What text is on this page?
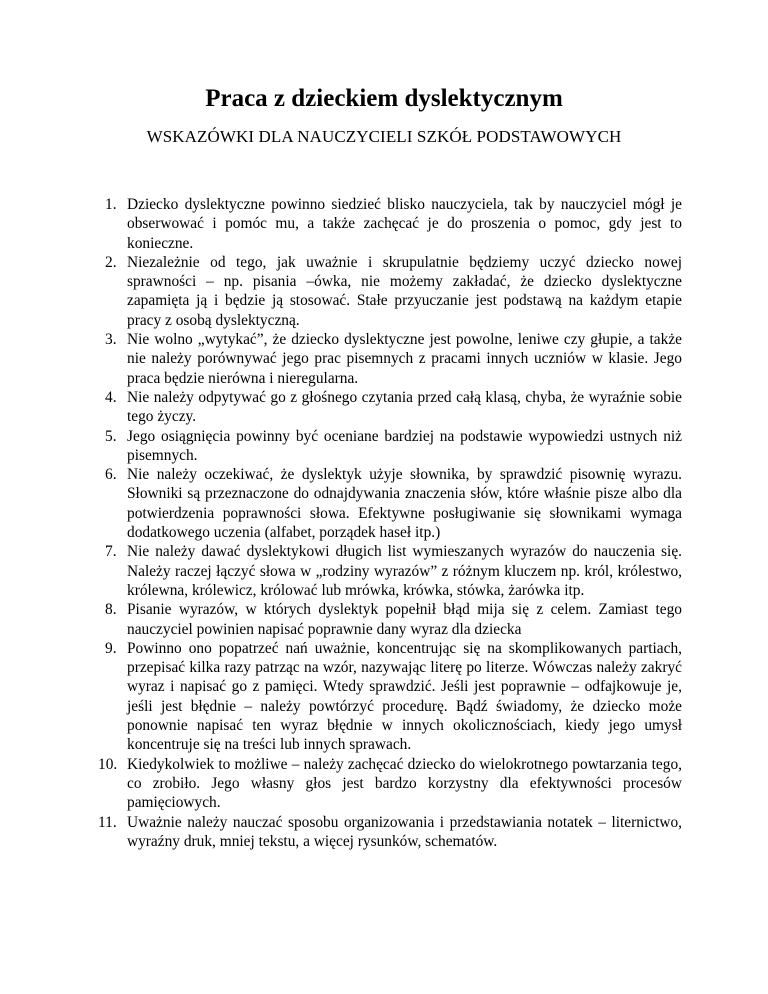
Praca z dzieckiem dyslektycznym

WSKAZÓWKI DLA NAUCZYCIELI SZKÓŁ PODSTAWOWYCH

1. Dziecko dyslektyczne powinno siedzieć blisko nauczyciela, tak by nauczyciel mógł je obserwować i pomóc mu, a także zachęcać je do proszenia o pomoc, gdy jest to konieczne.
2. Niezależnie od tego, jak uważnie i skrupulatnie będziemy uczyć dziecko nowej sprawności – np. pisania –ówka, nie możemy zakładać, że dziecko dyslektyczne zapamięta ją i będzie ją stosować. Stałe przyuczanie jest podstawą na każdym etapie pracy z osobą dyslektyczną.
3. Nie wolno „wytykać”, że dziecko dyslektyczne jest powolne, leniwe czy głupie, a także nie należy porównywać jego prac pisemnych z pracami innych uczniów w klasie. Jego praca będzie nierówna i nieregularna.
4. Nie należy odpytywać go z głośnego czytania przed całą klasą, chyba, że wyraźnie sobie tego życzy.
5. Jego osiągnięcia powinny być oceniane bardziej na podstawie wypowiedzi ustnych niż pisemnych.
6. Nie należy oczekiwać, że dyslektyk użyje słownika, by sprawdzić pisownię wyrazu. Słowniki są przeznaczone do odnajdywania znaczenia słów, które właśnie pisze albo dla potwierdzenia poprawności słowa. Efektywne posługiwanie się słownikami wymaga dodatkowego uczenia (alfabet, porządek haseł itp.)
7. Nie należy dawać dyslektykowi długich list wymieszanych wyrazów do nauczenia się. Należy raczej łączyć słowa w „rodziny wyrazów” z różnym kluczem np. król, królestwo, królewna, królewicz, królować lub mrówka, krówka, stówka, żarówka itp.
8. Pisanie wyrazów, w których dyslektyk popełnił błąd mija się z celem. Zamiast tego nauczyciel powinien napisać poprawnie dany wyraz dla dziecka
9. Powinno ono popatrzeć nań uważnie, koncentrując się na skomplikowanych partiach, przepisać kilka razy patrząc na wzór, nazywając literę po literze. Wówczas należy zakryć wyraz i napisać go z pamięci. Wtedy sprawdzić. Jeśli jest poprawnie – odfajkowuje je, jeśli jest błędnie – należy powtórzyć procedurę. Bądź świadomy, że dziecko może ponownie napisać ten wyraz błędnie w innych okolicznościach, kiedy jego umysł koncentruje się na treści lub innych sprawach.
10. Kiedykolwiek to możliwe – należy zachęcać dziecko do wielokrotnego powtarzania tego, co zrobiło. Jego własny głos jest bardzo korzystny dla efektywności procesów pamięciowych.
11. Uważnie należy nauczać sposobu organizowania i przedstawiania notatek – liternictwo, wyraźny druk, mniej tekstu, a więcej rysunków, schematów.
